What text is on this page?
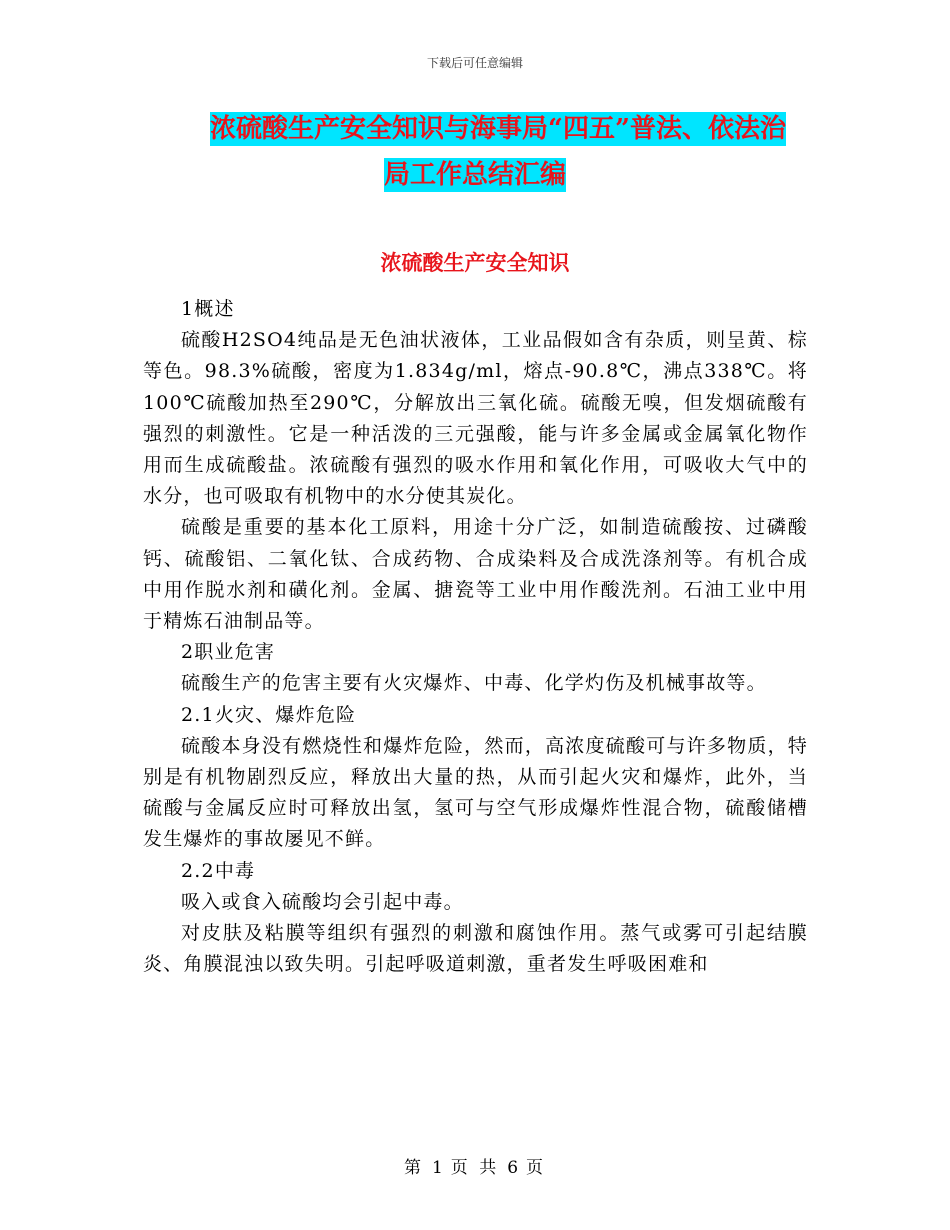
下载后可任意编辑
浓硫酸生产安全知识与海事局“四五”普法、依法治
局工作总结汇编
浓硫酸生产安全知识

1概述

硫酸H2SO4纯品是无色油状液体，工业品假如含有杂质，则呈黄、棕等色。98.3%硫酸，密度为1.834g/ml，熔点-90.8℃，沸点338℃。将100℃硫酸加热至290℃，分解放出三氧化硫。硫酸无嗅，但发烟硫酸有强烈的刺激性。它是一种活泼的三元强酸，能与许多金属或金属氧化物作用而生成硫酸盐。浓硫酸有强烈的吸水作用和氧化作用，可吸收大气中的水分，也可吸取有机物中的水分使其炭化。

硫酸是重要的基本化工原料，用途十分广泛，如制造硫酸按、过磷酸钙、硫酸铝、二氧化钛、合成药物、合成染料及合成洗涤剂等。有机合成中用作脱水剂和磺化剂。金属、搪瓷等工业中用作酸洗剂。石油工业中用于精炼石油制品等。

2职业危害

硫酸生产的危害主要有火灾爆炸、中毒、化学灼伤及机械事故等。

2.1火灾、爆炸危险

硫酸本身没有燃烧性和爆炸危险，然而，高浓度硫酸可与许多物质，特别是有机物剧烈反应，释放出大量的热，从而引起火灾和爆炸，此外，当硫酸与金属反应时可释放出氢，氢可与空气形成爆炸性混合物，硫酸储槽发生爆炸的事故屡见不鲜。

2.2中毒

吸入或食入硫酸均会引起中毒。

对皮肤及粘膜等组织有强烈的刺激和腐蚀作用。蒸气或雾可引起结膜炎、角膜混浊以致失明。引起呼吸道刺激，重者发生呼吸困难和

第 1 页 共 6 页
